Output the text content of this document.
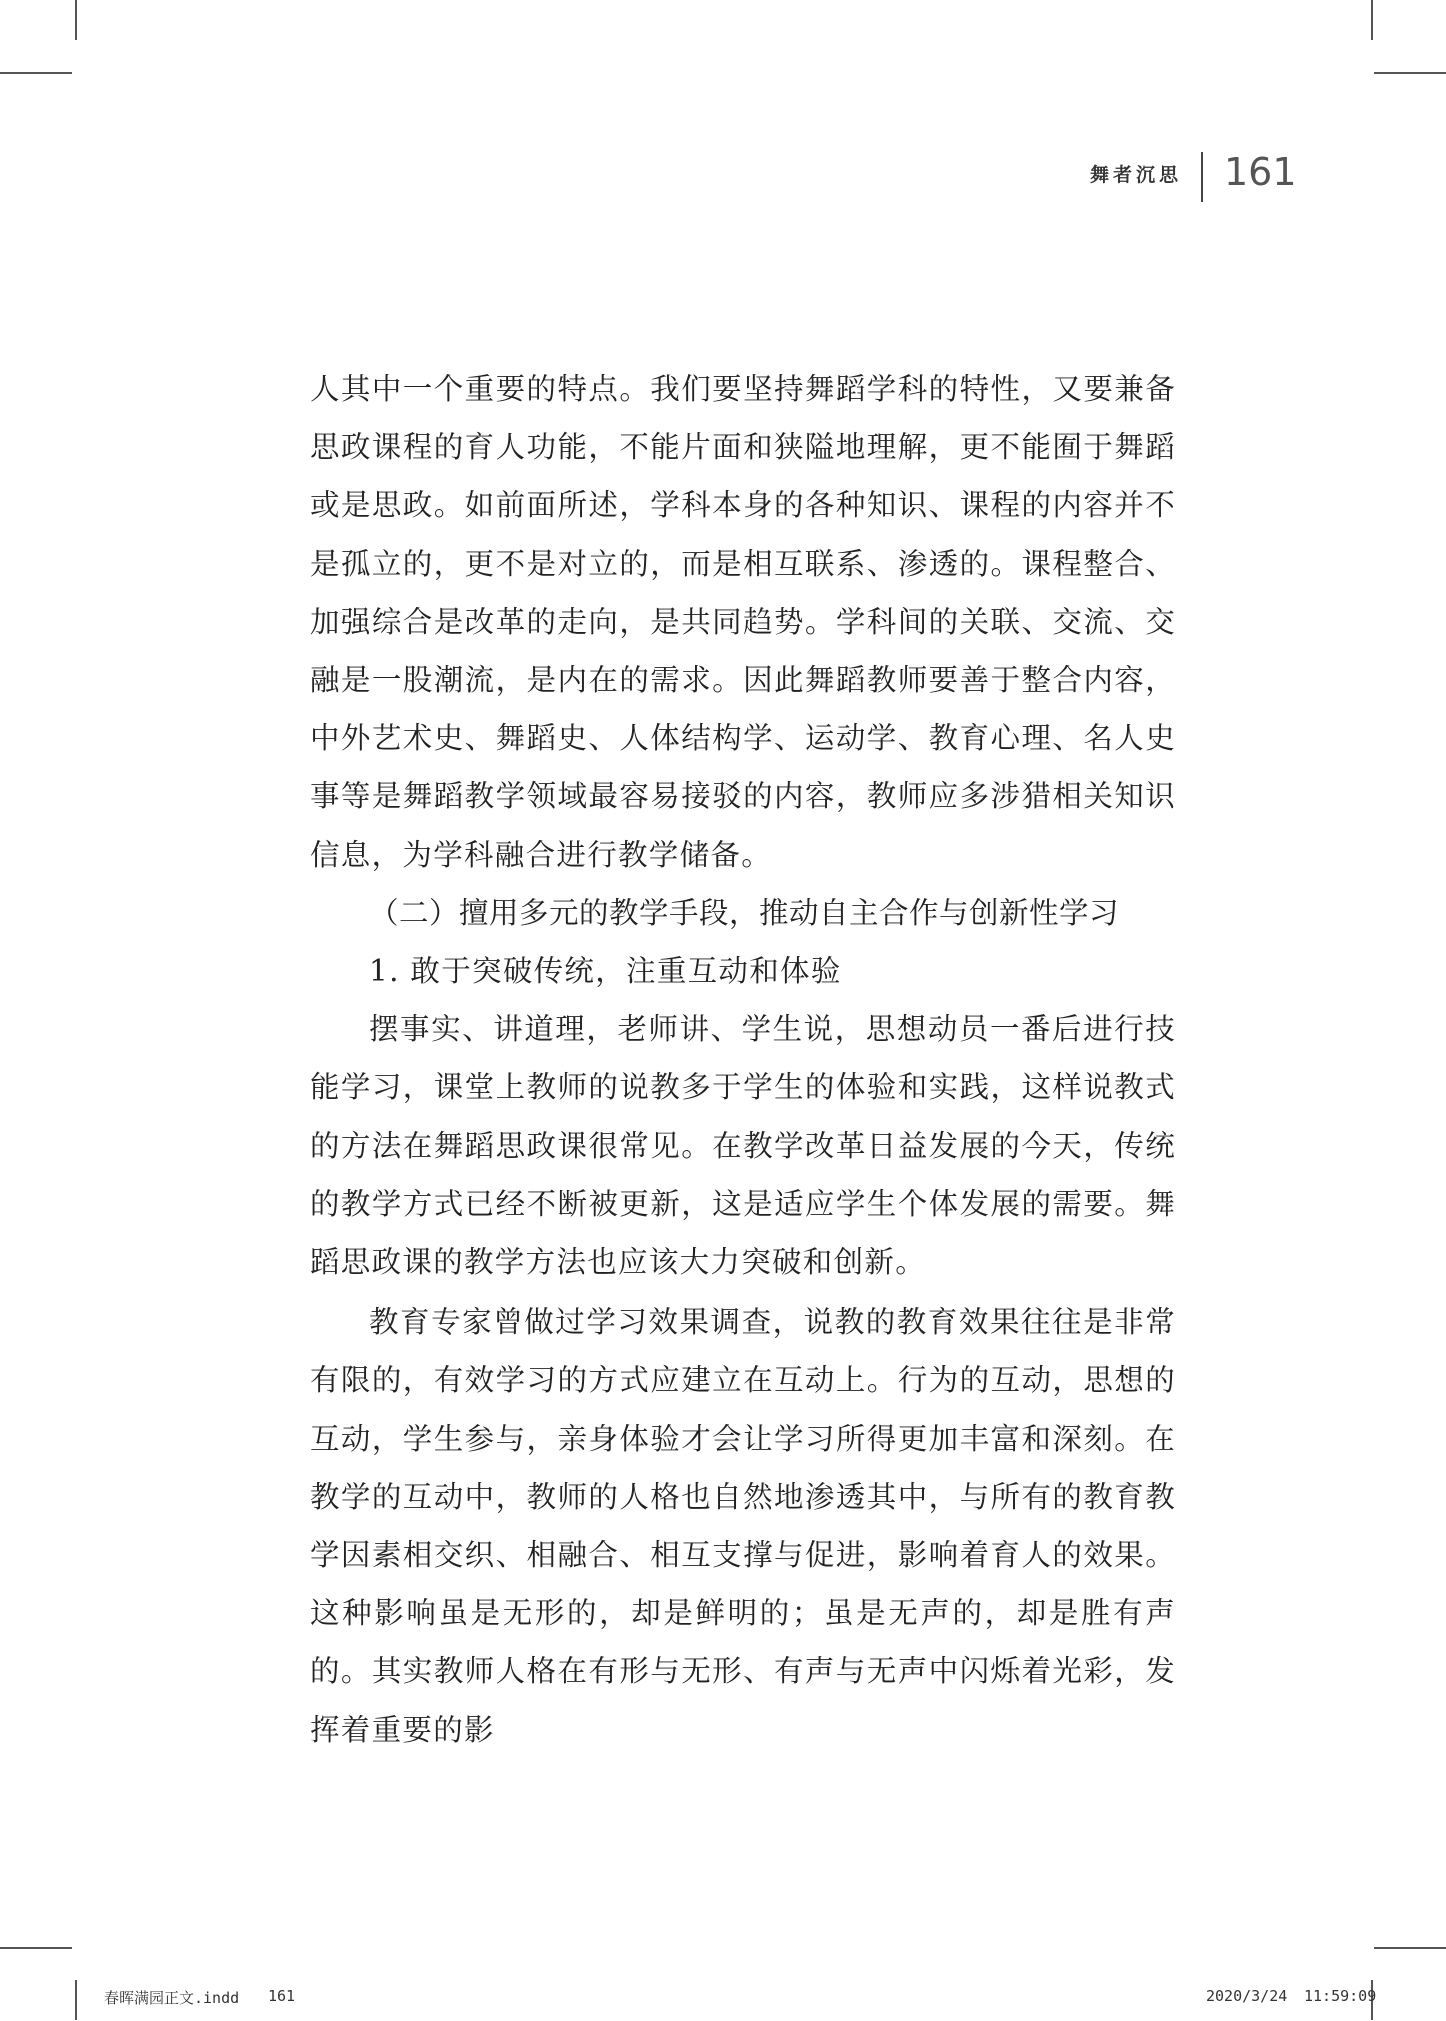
舞者沉思 161

人其中一个重要的特点。我们要坚持舞蹈学科的特性，又要兼备思政课程的育人功能，不能片面和狭隘地理解，更不能囿于舞蹈或是思政。如前面所述，学科本身的各种知识、课程的内容并不是孤立的，更不是对立的，而是相互联系、渗透的。课程整合、加强综合是改革的走向，是共同趋势。学科间的关联、交流、交融是一股潮流，是内在的需求。因此舞蹈教师要善于整合内容，中外艺术史、舞蹈史、人体结构学、运动学、教育心理、名人史事等是舞蹈教学领域最容易接驳的内容，教师应多涉猎相关知识信息，为学科融合进行教学储备。

（二）擅用多元的教学手段，推动自主合作与创新性学习

1. 敢于突破传统，注重互动和体验

摆事实、讲道理，老师讲、学生说，思想动员一番后进行技能学习，课堂上教师的说教多于学生的体验和实践，这样说教式的方法在舞蹈思政课很常见。在教学改革日益发展的今天，传统的教学方式已经不断被更新，这是适应学生个体发展的需要。舞蹈思政课的教学方法也应该大力突破和创新。

教育专家曾做过学习效果调查，说教的教育效果往往是非常有限的，有效学习的方式应建立在互动上。行为的互动，思想的互动，学生参与，亲身体验才会让学习所得更加丰富和深刻。在教学的互动中，教师的人格也自然地渗透其中，与所有的教育教学因素相交织、相融合、相互支撑与促进，影响着育人的效果。这种影响虽是无形的，却是鲜明的；虽是无声的，却是胜有声的。其实教师人格在有形与无形、有声与无声中闪烁着光彩，发挥着重要的影

春晖满园正文.indd 161	2020/3/24 11:59:09
